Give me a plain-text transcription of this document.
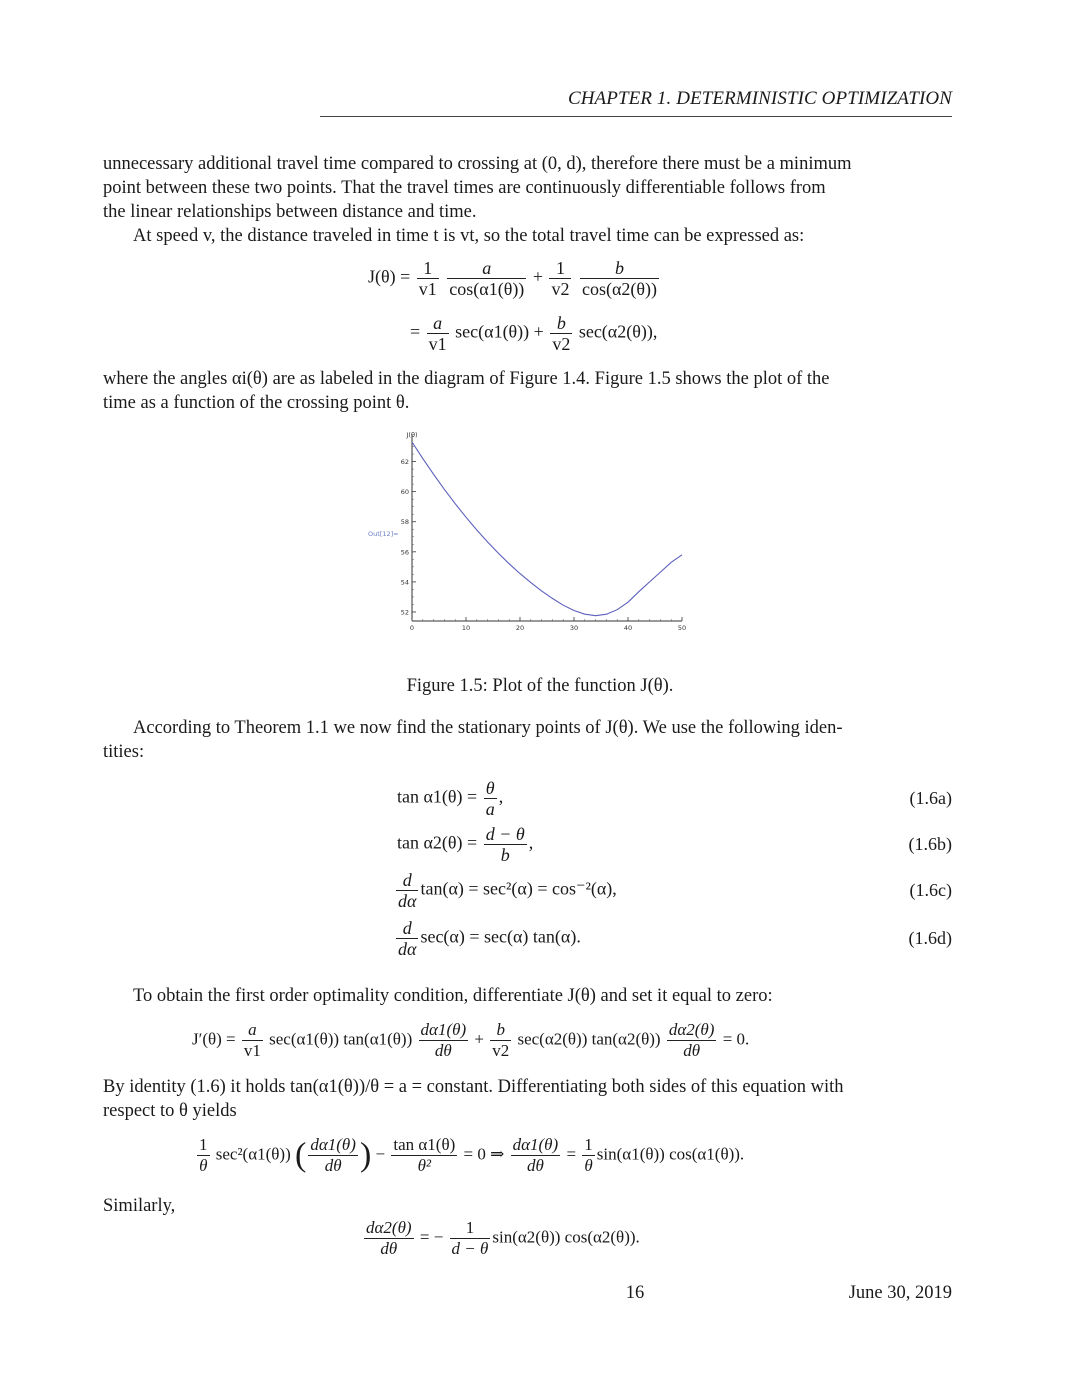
CHAPTER 1. DETERMINISTIC OPTIMIZATION
unnecessary additional travel time compared to crossing at (0, d), therefore there must be a minimum
point between these two points. That the travel times are continuously differentiable follows from
the linear relationships between distance and time.
At speed v, the distance traveled in time t is vt, so the total travel time can be expressed as:
$J(\theta) = \frac{1}{v1}$
$\frac{a}{\cos(\alpha 1(\theta))} + \frac{1}{v2}$
$\frac{b}{\cos(\alpha 2(\theta))}$
= $\frac{a}{v1} \sec(\alpha 1(\theta)) + \frac{b}{v2} \sec(\alpha 2(\theta))$,
where the angles αi(θ) are as labeled in the diagram of Figure 1.4. Figure 1.5 shows the plot of the
time as a function of the crossing point θ.
0	10	20	30	40	50
52
54
56
58
60
62
J(θ)
Out[12]=
Figure 1.5: Plot of the function J(θ).
According to Theorem 1.1 we now find the stationary points of J(θ). We use the following iden-
tities:
$\tan \alpha 1(\theta) = \frac{\theta}{a}$ ,	(1.6a)
$\tan \alpha 2(\theta) = \frac{d - \theta}{b}$ ,	(1.6b)
$\frac{d}{d\alpha} \tan(\alpha) = \sec^2(\alpha) = \cos^{-2}(\alpha)$,	(1.6c)
$\frac{d}{d\alpha} \sec(\alpha) = \sec(\alpha)$ tan(α).	(1.6d)
To obtain the first order optimality condition, differentiate J(θ) and set it equal to zero:
$J'(\theta) = \frac{a}{v1} \sec(\alpha 1(\theta))$ $\tan(\alpha 1(\theta)) \frac{d\alpha 1(\theta)}{d\theta} + \frac{b}{v2} \sec(\alpha 2(\theta))$ $\tan(\alpha 2(\theta)) \frac{d\alpha 2(\theta)}{d\theta} = 0$.
By identity (1.6) it holds tan(α1(θ))/θ = a = constant. Differentiating both sides of this equation with
respect to θ yields
$\frac{1}{\theta} \sec^2(\alpha 1(\theta))$ ( $\frac{d\alpha 1(\theta)}{d\theta}$ ) − $\frac{\text{tan α1(θ)}}{\text{θ²}} = 0$ ⇒ $\frac{d\alpha 1(\theta)}{d\theta} = \frac{1}{\theta} \sin(\alpha 1(\theta))$ cos(α1(θ)).
Similarly,
$\frac{d\alpha 2(\theta)}{d\theta}$ = − $\frac{1}{d - \theta} \sin(\alpha 2(\theta))$ cos(α2(θ)).
16	June 30, 2019
